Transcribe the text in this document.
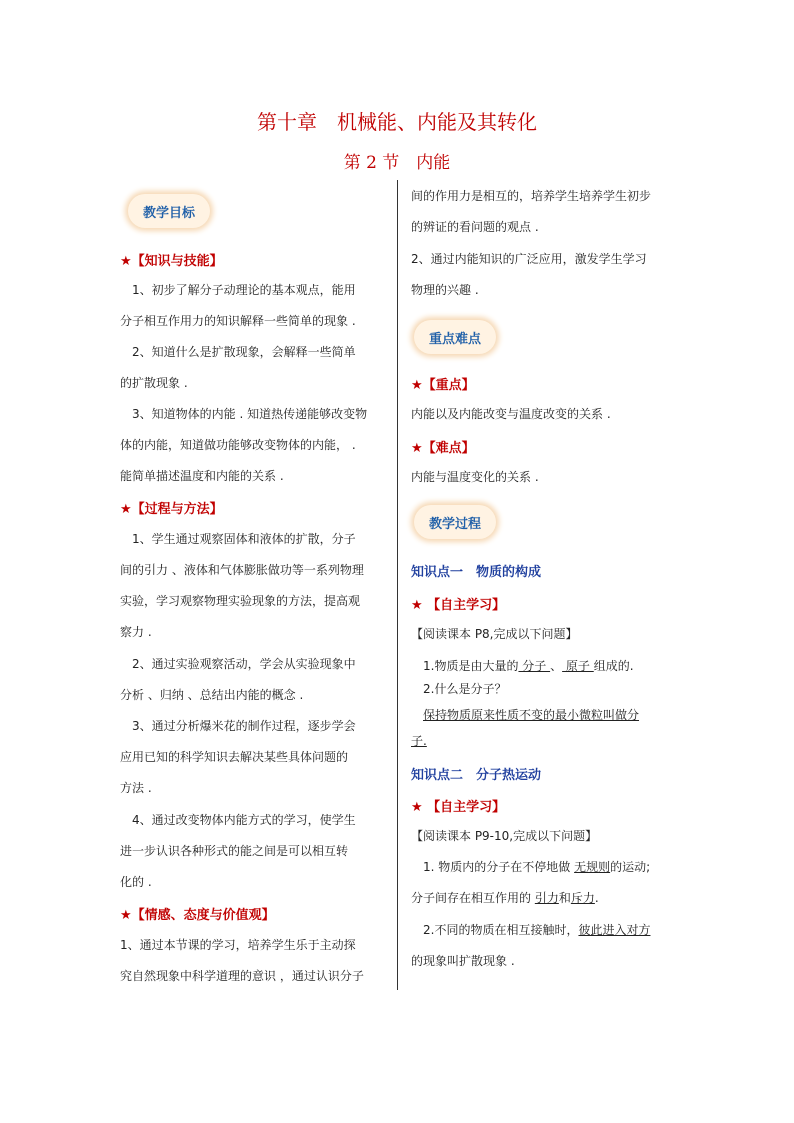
第十章　机械能、内能及其转化
第 2 节　内能
教学目标
★【知识与技能】
1、初步了解分子动理论的基本观点，能用
分子相互作用力的知识解释一些简单的现象 .
2、知道什么是扩散现象，会解释一些简单
的扩散现象 .
3、知道物体的内能 . 知道热传递能够改变物
体的内能，知道做功能够改变物体的内能， .
能简单描述温度和内能的关系 .
★【过程与方法】
1、学生通过观察固体和液体的扩散，分子
间的引力 、液体和气体膨胀做功等一系列物理
实验，学习观察物理实验现象的方法，提高观
察力 .
2、通过实验观察活动，学会从实验现象中
分析 、归纳 、总结出内能的概念 .
3、通过分析爆米花的制作过程，逐步学会
应用已知的科学知识去解决某些具体问题的
方法 .
4、通过改变物体内能方式的学习，使学生
进一步认识各种形式的能之间是可以相互转
化的 .
★【情感、态度与价值观】
1、通过本节课的学习，培养学生乐于主动探
究自然现象中科学道理的意识 ，通过认识分子
间的作用力是相互的，培养学生培养学生初步
的辨证的看问题的观点 .
2、通过内能知识的广泛应用，激发学生学习
物理的兴趣 .
重点难点
★【重点】
内能以及内能改变与温度改变的关系 .
★【难点】
内能与温度变化的关系 .
教学过程
知识点一　物质的构成
★ 【自主学习】
【阅读课本 P8,完成以下问题】
1.物质是由大量的 分子 、 原子 组成的.
2.什么是分子？
保持物质原来性质不变的最小微粒叫做分
子.
知识点二　分子热运动
★ 【自主学习】
【阅读课本 P9-10,完成以下问题】
1. 物质内的分子在不停地做 无规则的运动;
分子间存在相互作用的 引力和斥力.
2.不同的物质在相互接触时，彼此进入对方
的现象叫扩散现象 .
